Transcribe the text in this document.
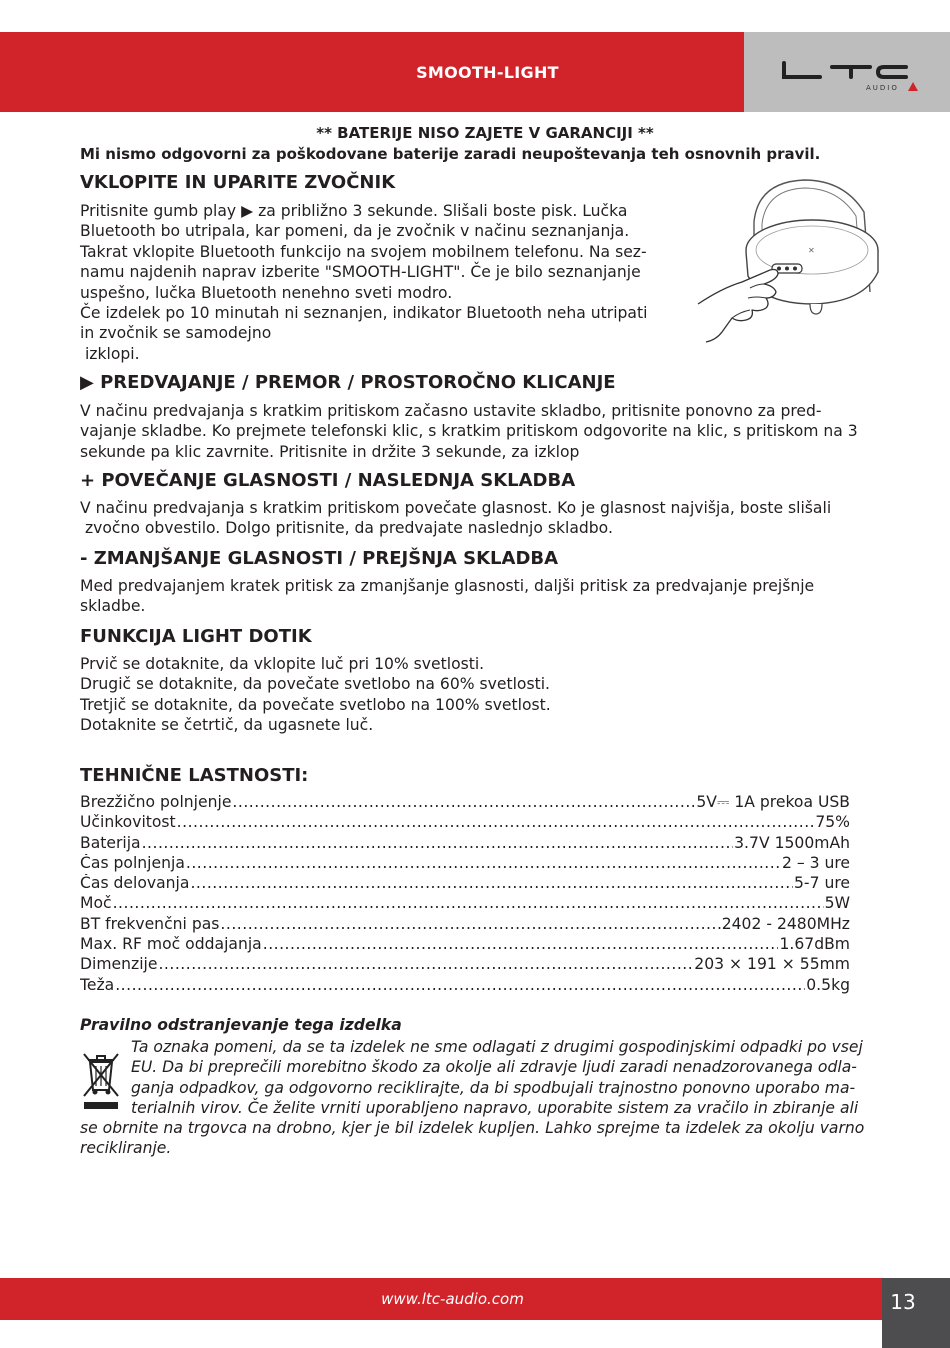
SMOOTH-LIGHT
AUDIO
** BATERIJE NISO ZAJETE V GARANCIJI **
Mi nismo odgovorni za poškodovane baterije zaradi neupoštevanja teh osnovnih pravil.
VKLOPITE IN UPARITE ZVOČNIK
Pritisnite gumb play ▶ za približno 3 sekunde. Slišali boste pisk. Lučka
Bluetooth bo utripala, kar pomeni, da je zvočnik v načinu seznanjanja.
Takrat vklopite Bluetooth funkcijo na svojem mobilnem telefonu. Na sez-
namu najdenih naprav izberite "SMOOTH-LIGHT". Če je bilo seznanjanje
uspešno, lučka Bluetooth nenehno sveti modro.
Če izdelek po 10 minutah ni seznanjen, indikator Bluetooth neha utripati
in zvočnik se samodejno
izklopi.
✕
▶ PREDVAJANJE / PREMOR / PROSTOROČNO KLICANJE
V načinu predvajanja s kratkim pritiskom začasno ustavite skladbo, pritisnite ponovno za pred-
vajanje skladbe. Ko prejmete telefonski klic, s kratkim pritiskom odgovorite na klic, s pritiskom na 3
sekunde pa klic zavrnite. Pritisnite in držite 3 sekunde, za izklop
+ POVEČANJE GLASNOSTI / NASLEDNJA SKLADBA
V načinu predvajanja s kratkim pritiskom povečate glasnost. Ko je glasnost najvišja, boste slišali
zvočno obvestilo. Dolgo pritisnite, da predvajate naslednjo skladbo.
- ZMANJŠANJE GLASNOSTI / PREJŠNJA SKLADBA
Med predvajanjem kratek pritisk za zmanjšanje glasnosti, daljši pritisk za predvajanje prejšnje
skladbe.
FUNKCIJA LIGHT DOTIK
Prvič se dotaknite, da vklopite luč pri 10% svetlosti.
Drugič se dotaknite, da povečate svetlobo na 60% svetlosti.
Tretjič se dotaknite, da povečate svetlobo na 100% svetlost.
Dotaknite se četrtič, da ugasnete luč.
TEHNIČNE LASTNOSTI:
Brezžično polnjenje .....	5V⎓ 1A prekoa USB
Učinkovitost .....	75%
Baterija .....	3.7V 1500mAh
Čas polnjenja .....	2 – 3 ure
Čas delovanja .....	5-7 ure
Moč .....	5W
BT frekvenčni pas .....	2402 - 2480MHz
Max. RF moč oddajanja .....	1.67dBm
Dimenzije .....	203 × 191 × 55mm
Teža .....	0.5kg
Pravilno odstranjevanje tega izdelka
Ta oznaka pomeni, da se ta izdelek ne sme odlagati z drugimi gospodinjskimi odpadki po vsej
EU. Da bi preprečili morebitno škodo za okolje ali zdravje ljudi zaradi nenadzorovanega odla-
ganja odpadkov, ga odgovorno reciklirajte, da bi spodbujali trajnostno ponovno uporabo ma-
terialnih virov. Če želite vrniti uporabljeno napravo, uporabite sistem za vračilo in zbiranje ali
se obrnite na trgovca na drobno, kjer je bil izdelek kupljen. Lahko sprejme ta izdelek za okolju varno
recikliranje.
www.ltc-audio.com	13
